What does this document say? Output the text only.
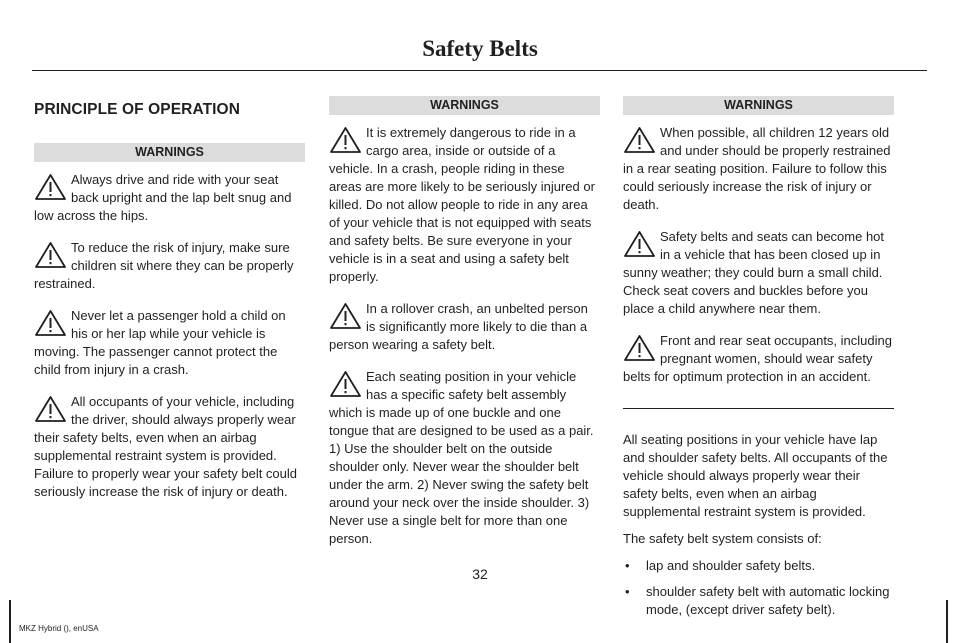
Safety Belts
PRINCIPLE OF OPERATION
WARNINGS
Always drive and ride with your seat back upright and the lap belt snug and low across the hips.
To reduce the risk of injury, make sure children sit where they can be properly restrained.
Never let a passenger hold a child on his or her lap while your vehicle is moving. The passenger cannot protect the child from injury in a crash.
All occupants of your vehicle, including the driver, should always properly wear their safety belts, even when an airbag supplemental restraint system is provided. Failure to properly wear your safety belt could seriously increase the risk of injury or death.
WARNINGS
It is extremely dangerous to ride in a cargo area, inside or outside of a vehicle. In a crash, people riding in these areas are more likely to be seriously injured or killed. Do not allow people to ride in any area of your vehicle that is not equipped with seats and safety belts. Be sure everyone in your vehicle is in a seat and using a safety belt properly.
In a rollover crash, an unbelted person is significantly more likely to die than a person wearing a safety belt.
Each seating position in your vehicle has a specific safety belt assembly which is made up of one buckle and one tongue that are designed to be used as a pair. 1) Use the shoulder belt on the outside shoulder only. Never wear the shoulder belt under the arm. 2) Never swing the safety belt around your neck over the inside shoulder. 3) Never use a single belt for more than one person.
WARNINGS
When possible, all children 12 years old and under should be properly restrained in a rear seating position. Failure to follow this could seriously increase the risk of injury or death.
Safety belts and seats can become hot in a vehicle that has been closed up in sunny weather; they could burn a small child. Check seat covers and buckles before you place a child anywhere near them.
Front and rear seat occupants, including pregnant women, should wear safety belts for optimum protection in an accident.
All seating positions in your vehicle have lap and shoulder safety belts. All occupants of the vehicle should always properly wear their safety belts, even when an airbag supplemental restraint system is provided.
The safety belt system consists of:
• lap and shoulder safety belts.
• shoulder safety belt with automatic locking mode, (except driver safety belt).
32
MKZ Hybrid (), enUSA
